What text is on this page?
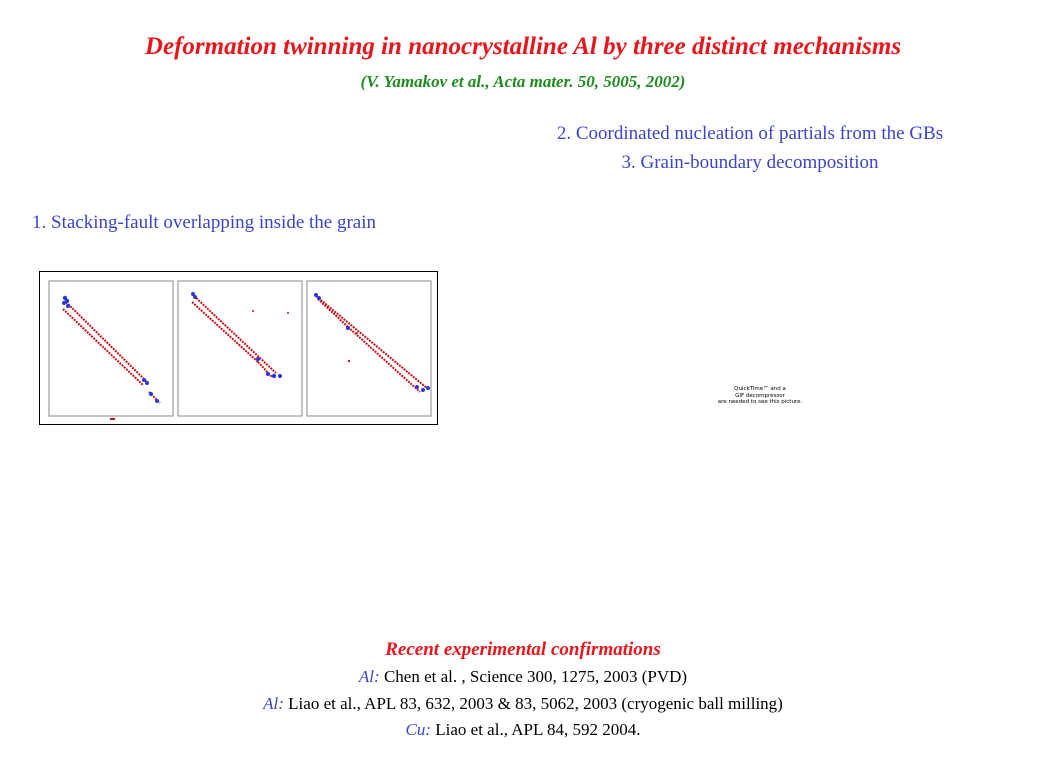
Deformation twinning in nanocrystalline Al by three distinct mechanisms
(V. Yamakov et al., Acta mater. 50, 5005, 2002)
2. Coordinated nucleation of partials from the GBs
3. Grain-boundary decomposition
1. Stacking-fault overlapping inside the grain
QuickTime™ and a
GIF decompressor
are needed to see this picture.
Recent experimental confirmations
Al: Chen et al. , Science 300, 1275, 2003 (PVD)
Al: Liao et al., APL 83, 632, 2003 & 83, 5062, 2003 (cryogenic ball milling)
Cu: Liao et al., APL 84, 592 2004.
